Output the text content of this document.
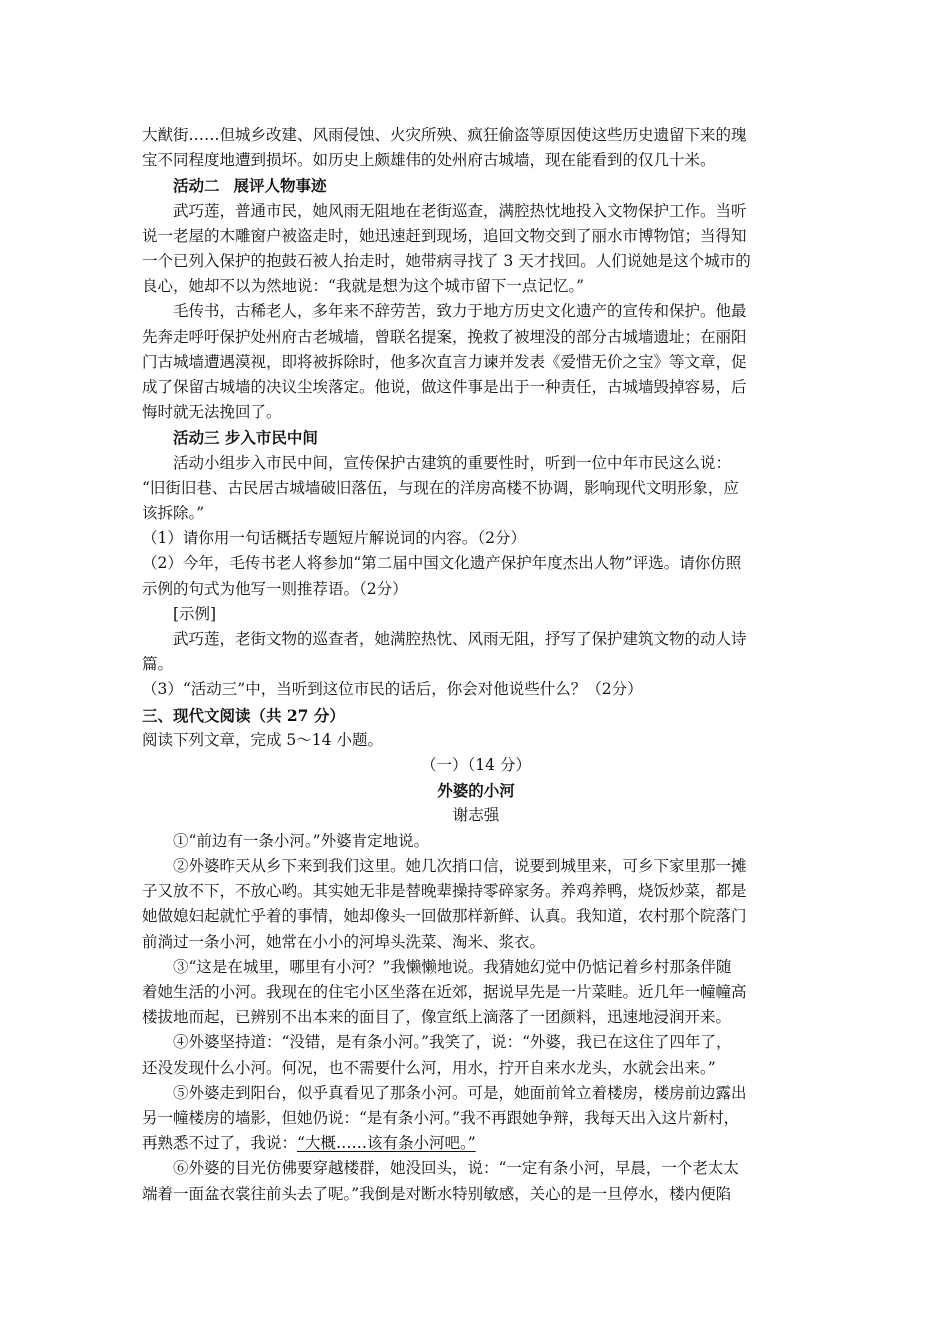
大猷街……但城乡改建、风雨侵蚀、火灾所殃、疯狂偷盗等原因使这些历史遗留下来的瑰
宝不同程度地遭到损坏。如历史上颇雄伟的处州府古城墙，现在能看到的仅几十米。
活动二 展评人物事迹
武巧莲，普通市民，她风雨无阻地在老街巡查，满腔热忱地投入文物保护工作。当听
说一老屋的木雕窗户被盗走时，她迅速赶到现场，追回文物交到了丽水市博物馆；当得知
一个已列入保护的抱鼓石被人抬走时，她带病寻找了 3 天才找回。人们说她是这个城市的
良心，她却不以为然地说：“我就是想为这个城市留下一点记忆。”
毛传书，古稀老人，多年来不辞劳苦，致力于地方历史文化遗产的宣传和保护。他最
先奔走呼吁保护处州府古老城墙，曾联名提案，挽救了被埋没的部分古城墙遗址；在丽阳
门古城墙遭遇漠视，即将被拆除时，他多次直言力谏并发表《爱惜无价之宝》等文章，促
成了保留古城墙的决议尘埃落定。他说，做这件事是出于一种责任，古城墙毁掉容易，后
悔时就无法挽回了。
活动三 步入市民中间
活动小组步入市民中间，宣传保护古建筑的重要性时，听到一位中年市民这么说：
“旧街旧巷、古民居古城墙破旧落伍，与现在的洋房高楼不协调，影响现代文明形象，应
该拆除。”
（1）请你用一句话概括专题短片解说词的内容。（2分）
（2）今年，毛传书老人将参加“第二届中国文化遗产保护年度杰出人物”评选。请你仿照
示例的句式为他写一则推荐语。（2分）
[示例]
武巧莲，老街文物的巡查者，她满腔热忱、风雨无阻，抒写了保护建筑文物的动人诗
篇。
（3）“活动三”中，当听到这位市民的话后，你会对他说些什么？（2分）
三、现代文阅读（共 27 分）
阅读下列文章，完成 5～14 小题。
（一）（14 分）
外婆的小河
谢志强
①“前边有一条小河。”外婆肯定地说。
②外婆昨天从乡下来到我们这里。她几次捎口信，说要到城里来，可乡下家里那一摊
子又放不下，不放心哟。其实她无非是替晚辈操持零碎家务。养鸡养鸭，烧饭炒菜，都是
她做媳妇起就忙乎着的事情，她却像头一回做那样新鲜、认真。我知道，农村那个院落门
前淌过一条小河，她常在小小的河埠头洗菜、淘米、浆衣。
③“这是在城里，哪里有小河？”我懒懒地说。我猜她幻觉中仍惦记着乡村那条伴随
着她生活的小河。我现在的住宅小区坐落在近郊，据说早先是一片菜畦。近几年一幢幢高
楼拔地而起，已辨别不出本来的面目了，像宣纸上滴落了一团颜料，迅速地浸润开来。
④外婆坚持道：“没错，是有条小河。”我笑了，说：“外婆，我已在这住了四年了，
还没发现什么小河。何况，也不需要什么河，用水，拧开自来水龙头，水就会出来。”
⑤外婆走到阳台，似乎真看见了那条小河。可是，她面前耸立着楼房，楼房前边露出
另一幢楼房的墙影，但她仍说：“是有条小河。”我不再跟她争辩，我每天出入这片新村，
再熟悉不过了，我说：“大概……该有条小河吧。”
⑥外婆的目光仿佛要穿越楼群，她没回头，说：“一定有条小河，早晨，一个老太太
端着一面盆衣裳往前头去了呢。”我倒是对断水特别敏感，关心的是一旦停水，楼内便陷
